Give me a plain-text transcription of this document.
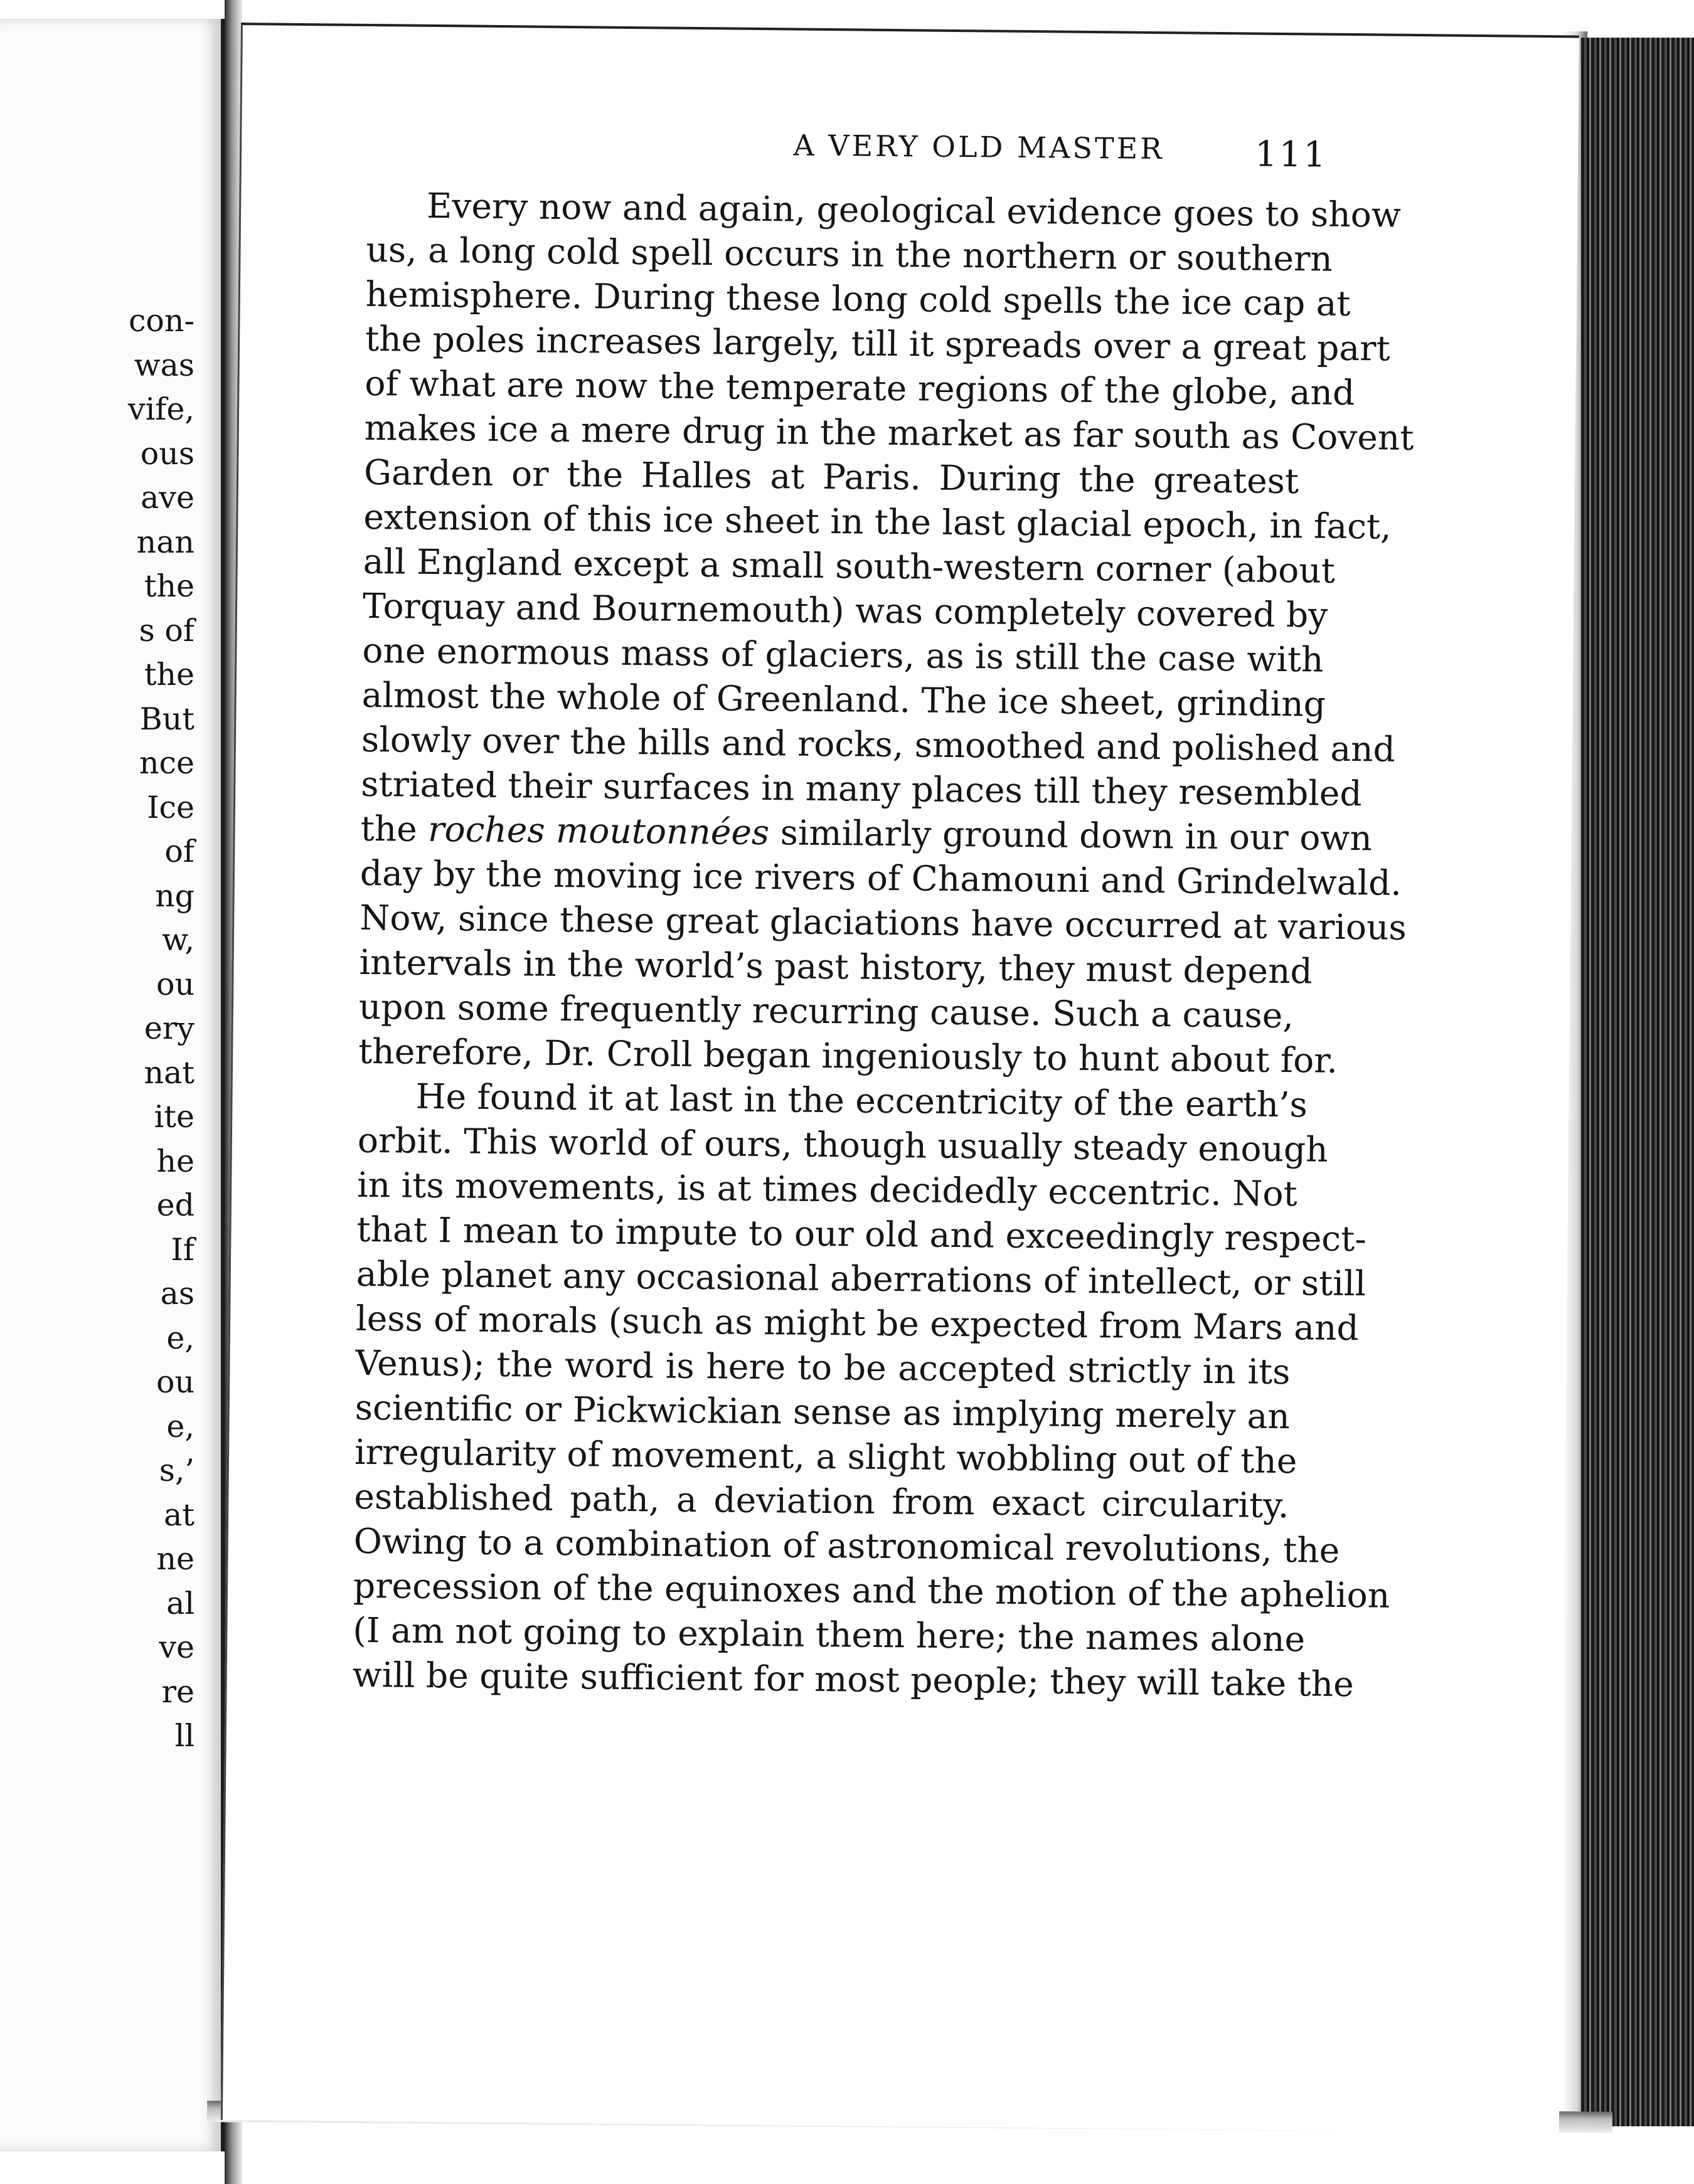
con-
was
vife,
ous
ave
nan
the
s of
the
But
nce
Ice
of
ng
w,
ou
ery
nat
ite
he
ed
If
as
e,
ou
e,
s,’
at
ne
al
ve
re
ll
A VERY OLD MASTER	111
Every now and again, geological evidence goes to show
us, a long cold spell occurs in the northern or southern
hemisphere. During these long cold spells the ice cap at
the poles increases largely, till it spreads over a great part
of what are now the temperate regions of the globe, and
makes ice a mere drug in the market as far south as Covent
Garden or the Halles at Paris. During the greatest
extension of this ice sheet in the last glacial epoch, in fact,
all England except a small south-western corner (about
Torquay and Bournemouth) was completely covered by
one enormous mass of glaciers, as is still the case with
almost the whole of Greenland. The ice sheet, grinding
slowly over the hills and rocks, smoothed and polished and
striated their surfaces in many places till they resembled
the roches moutonnées similarly ground down in our own
day by the moving ice rivers of Chamouni and Grindelwald.
Now, since these great glaciations have occurred at various
intervals in the world’s past history, they must depend
upon some frequently recurring cause. Such a cause,
therefore, Dr. Croll began ingeniously to hunt about for.
He found it at last in the eccentricity of the earth’s
orbit. This world of ours, though usually steady enough
in its movements, is at times decidedly eccentric. Not
that I mean to impute to our old and exceedingly respect-
able planet any occasional aberrations of intellect, or still
less of morals (such as might be expected from Mars and
Venus); the word is here to be accepted strictly in its
scientific or Pickwickian sense as implying merely an
irregularity of movement, a slight wobbling out of the
established path, a deviation from exact circularity.
Owing to a combination of astronomical revolutions, the
precession of the equinoxes and the motion of the aphelion
(I am not going to explain them here; the names alone
will be quite sufficient for most people; they will take the
